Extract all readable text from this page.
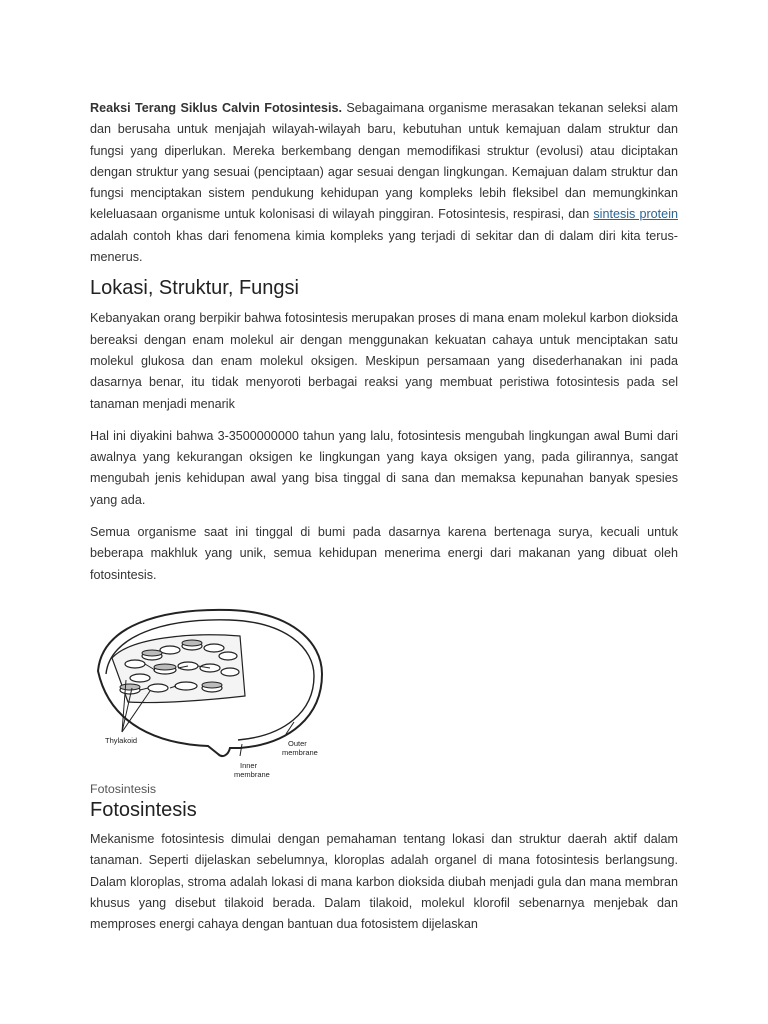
Reaksi Terang Siklus Calvin Fotosintesis. Sebagaimana organisme merasakan tekanan seleksi alam dan berusaha untuk menjajah wilayah-wilayah baru, kebutuhan untuk kemajuan dalam struktur dan fungsi yang diperlukan. Mereka berkembang dengan memodifikasi struktur (evolusi) atau diciptakan dengan struktur yang sesuai (penciptaan) agar sesuai dengan lingkungan. Kemajuan dalam struktur dan fungsi menciptakan sistem pendukung kehidupan yang kompleks lebih fleksibel dan memungkinkan keleluasaan organisme untuk kolonisasi di wilayah pinggiran. Fotosintesis, respirasi, dan sintesis protein adalah contoh khas dari fenomena kimia kompleks yang terjadi di sekitar dan di dalam diri kita terus-menerus.

Lokasi, Struktur, Fungsi

Kebanyakan orang berpikir bahwa fotosintesis merupakan proses di mana enam molekul karbon dioksida bereaksi dengan enam molekul air dengan menggunakan kekuatan cahaya untuk menciptakan satu molekul glukosa dan enam molekul oksigen. Meskipun persamaan yang disederhanakan ini pada dasarnya benar, itu tidak menyoroti berbagai reaksi yang membuat peristiwa fotosintesis pada sel tanaman menjadi menarik

Hal ini diyakini bahwa 3-3500000000 tahun yang lalu, fotosintesis mengubah lingkungan awal Bumi dari awalnya yang kekurangan oksigen ke lingkungan yang kaya oksigen yang, pada gilirannya, sangat mengubah jenis kehidupan awal yang bisa tinggal di sana dan memaksa kepunahan banyak spesies yang ada.

Semua organisme saat ini tinggal di bumi pada dasarnya karena bertenaga surya, kecuali untuk beberapa makhluk yang unik, semua kehidupan menerima energi dari makanan yang dibuat oleh fotosintesis.

Thylakoid	Outer
membrane
Inner
membrane
Fotosintesis
Fotosintesis

Mekanisme fotosintesis dimulai dengan pemahaman tentang lokasi dan struktur daerah aktif dalam tanaman. Seperti dijelaskan sebelumnya, kloroplas adalah organel di mana fotosintesis berlangsung. Dalam kloroplas, stroma adalah lokasi di mana karbon dioksida diubah menjadi gula dan mana membran khusus yang disebut tilakoid berada. Dalam tilakoid, molekul klorofil sebenarnya menjebak dan memproses energi cahaya dengan bantuan dua fotosistem dijelaskan
